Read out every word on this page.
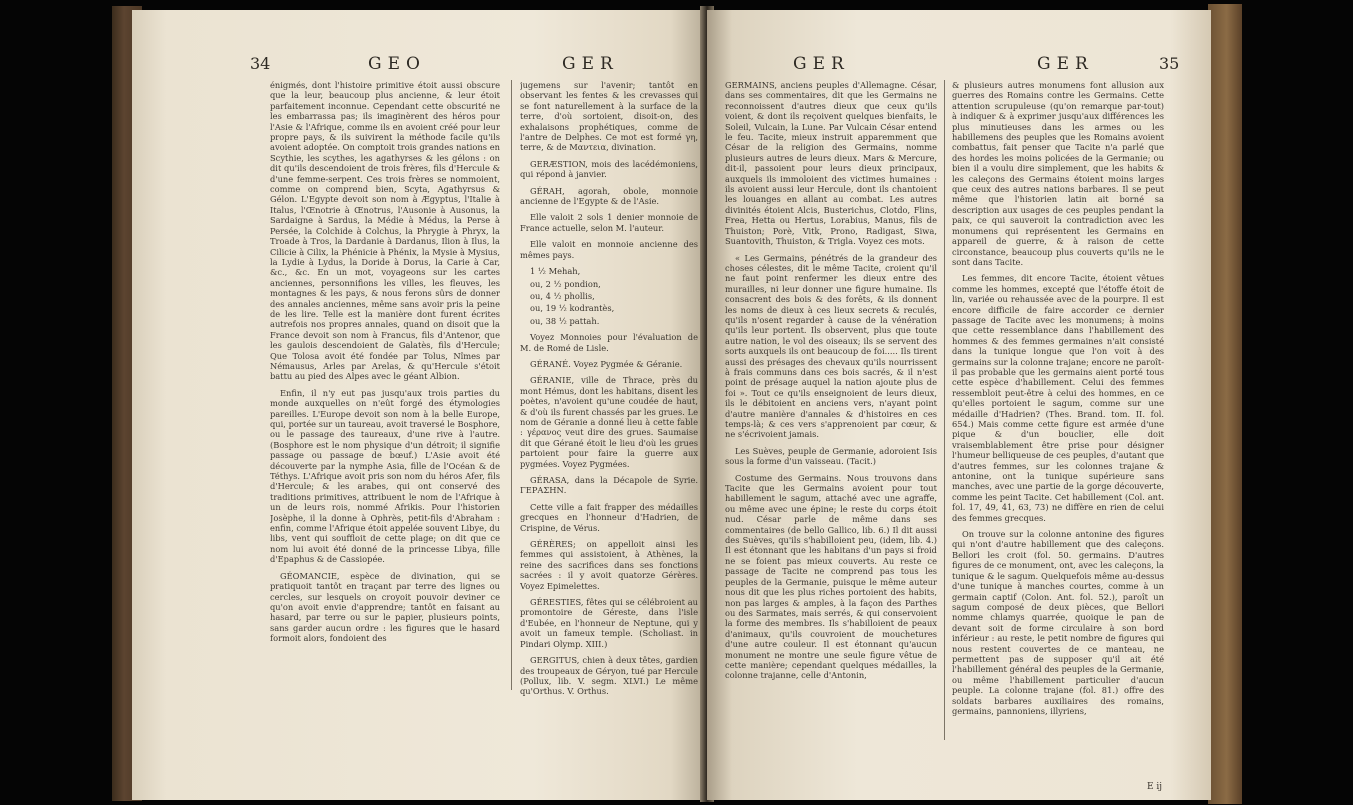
34	GEO	GER

énigmés, dont l'histoire primitive étoit aussi obscure que la leur, beaucoup plus ancienne, & leur étoit parfaitement inconnue. Cependant cette obscurité ne les embarrassa pas; ils imaginèrent des héros pour l'Asie & l'Afrique, comme ils en avoient créé pour leur propre pays, & ils suivirent la méthode facile qu'ils avoient adoptée. On comptoit trois grandes nations en Scythie, les scythes, les agathyrses & les gélons : on dit qu'ils descendoient de trois frères, fils d'Hercule & d'une femme-serpent. Ces trois frères se nommoient, comme on comprend bien, Scyta, Agathyrsus & Gélon. L'Egypte devoit son nom à Ægyptus, l'Italie à Italus, l'Œnotrie à Œnotrus, l'Ausonie à Ausonus, la Sardaigne à Sardus, la Médie à Médus, la Perse à Persée, la Colchide à Colchus, la Phrygie à Phryx, la Troade à Tros, la Dardanie à Dardanus, Ilion à Ilus, la Cilicie à Cilix, la Phénicie à Phénix, la Mysie à Mysius, la Lydie à Lydus, la Doride à Dorus, la Carie à Car, &c., &c. En un mot, voyageons sur les cartes anciennes, personnifions les villes, les fleuves, les montagnes & les pays, & nous ferons sûrs de donner des annales anciennes, même sans avoir pris la peine de les lire. Telle est la manière dont furent écrites autrefois nos propres annales, quand on disoit que la France devoit son nom à Francus, fils d'Antenor, que les gaulois descendoient de Galatès, fils d'Hercule; Que Tolosa avoit été fondée par Tolus, Nîmes par Némausus, Arles par Arelas, & qu'Hercule s'étoit battu au pied des Alpes avec le géant Albion.

Enfin, il n'y eut pas jusqu'aux trois parties du monde auxquelles on n'eût forgé des étymologies pareilles. L'Europe devoit son nom à la belle Europe, qui, portée sur un taureau, avoit traversé le Bosphore, ou le passage des taureaux, d'une rive à l'autre. (Bosphore est le nom physique d'un détroit; il signifie passage ou passage de bœuf.) L'Asie avoit été découverte par la nymphe Asia, fille de l'Océan & de Téthys. L'Afrique avoit pris son nom du héros Afer, fils d'Hercule; & les arabes, qui ont conservé des traditions primitives, attribuent le nom de l'Afrique à un de leurs rois, nommé Afrikis. Pour l'historien Josèphe, il la donne à Ophrès, petit-fils d'Abraham : enfin, comme l'Afrique étoit appelée souvent Libye, du libs, vent qui souffloit de cette plage; on dit que ce nom lui avoit été donné de la princesse Libya, fille d'Epaphus & de Cassiopée.

GÉOMANCIE, espèce de divination, qui se pratiquoit tantôt en traçant par terre des lignes ou cercles, sur lesquels on croyoit pouvoir deviner ce qu'on avoit envie d'apprendre; tantôt en faisant au hasard, par terre ou sur le papier, plusieurs points, sans garder aucun ordre : les figures que le hasard formoit alors, fondoient des

jugemens sur l'avenir; tantôt en observant les fentes & les crevasses qui se font naturellement à la surface de la terre, d'où sortoient, disoit-on, des exhalaisons prophétiques, comme de l'antre de Delphes. Ce mot est formé γη, terre, & de Μαντεια, divination.

GERÆSTION, mois des lacédémoniens, qui répond à janvier.

GÉRAH, agorah, obole, monnoie ancienne de l'Egypte & de l'Asie.

Elle valoit 2 sols 1 denier monnoie de France actuelle, selon M. l'auteur.

Elle valoit en monnoie ancienne des mêmes pays.

1 ½ Mehah,

ou, 2 ½ pondion,

ou, 4 ½ phollis,

ou, 19 ½ kodrantès,

ou, 38 ½ pattah.

Voyez Monnoies pour l'évaluation de M. de Romé de Lisle.

GÉRANÉ. Voyez Pygmée & Géranie.

GÉRANIE, ville de Thrace, près du mont Hémus, dont les habitans, disent les poètes, n'avoient qu'une coudée de haut, & d'où ils furent chassés par les grues. Le nom de Géranie a donné lieu à cette fable : γέρανος veut dire des grues. Saumaise dit que Gérané étoit le lieu d'où les grues partoient pour faire la guerre aux pygmées. Voyez Pygmées.

GÉRASA, dans la Décapole de Syrie. ΓΕΡΑΣΗΝ.

Cette ville a fait frapper des médailles grecques en l'honneur d'Hadrien, de Crispine, de Vérus.

GÉRÈRES; on appelloit ainsi les femmes qui assistoient, à Athènes, la reine des sacrifices dans ses fonctions sacrées : il y avoit quatorze Gérères. Voyez Epimelettes.

GÉRESTIES, fêtes qui se célébroient au promontoire de Géreste, dans l'isle d'Eubée, en l'honneur de Neptune, qui y avoit un fameux temple. (Scholiast. in Pindari Olymp. XIII.)

GERGITUS, chien à deux têtes, gardien des troupeaux de Géryon, tué par Hercule (Pollux, lib. V. segm. XLVI.) Le même qu'Orthus. V. Orthus.

GER	GER	35

GERMAINS, anciens peuples d'Allemagne. César, dans ses commentaires, dit que les Germains ne reconnoissent d'autres dieux que ceux qu'ils voient, & dont ils reçoivent quelques bienfaits, le Soleil, Vulcain, la Lune. Par Vulcain César entend le feu. Tacite, mieux instruit apparemment que César de la religion des Germains, nomme plusieurs autres de leurs dieux. Mars & Mercure, dit-il, passoient pour leurs dieux principaux, auxquels ils immoloient des victimes humaines : ils avoient aussi leur Hercule, dont ils chantoient les louanges en allant au combat. Les autres divinités étoient Alcis, Busterichus, Clotdo, Flins, Frea, Hetta ou Hertus, Lorabius, Manus, fils de Thuiston; Porè, Vitk, Prono, Radigast, Siwa, Suantovith, Thuiston, & Trigla. Voyez ces mots.

« Les Germains, pénétrés de la grandeur des choses célestes, dit le même Tacite, croient qu'il ne faut point renfermer les dieux entre des murailles, ni leur donner une figure humaine. Ils consacrent des bois & des forêts, & ils donnent les noms de dieux à ces lieux secrets & reculés, qu'ils n'osent regarder à cause de la vénération qu'ils leur portent. Ils observent, plus que toute autre nation, le vol des oiseaux; ils se servent des sorts auxquels ils ont beaucoup de foi..... Ils tirent aussi des présages des chevaux qu'ils nourrissent à frais communs dans ces bois sacrés, & il n'est point de présage auquel la nation ajoute plus de foi ». Tout ce qu'ils enseignoient de leurs dieux, ils le débitoient en anciens vers, n'ayant point d'autre manière d'annales & d'histoires en ces temps-là; & ces vers s'apprenoient par cœur, & ne s'écrivoient jamais.

Les Suèves, peuple de Germanie, adoroient Isis sous la forme d'un vaisseau. (Tacit.)

Costume des Germains. Nous trouvons dans Tacite que les Germains avoient pour tout habillement le sagum, attaché avec une agraffe, ou même avec une épine; le reste du corps étoit nud. César parle de même dans ses commentaires (de bello Gallico, lib. 6.) Il dit aussi des Suèves, qu'ils s'habilloient peu, (idem, lib. 4.) Il est étonnant que les habitans d'un pays si froid ne se foient pas mieux couverts. Au reste ce passage de Tacite ne comprend pas tous les peuples de la Germanie, puisque le même auteur nous dit que les plus riches portoient des habits, non pas larges & amples, à la façon des Parthes ou des Sarmates, mais serrés, & qui conservoient la forme des membres. Ils s'habilloient de peaux d'animaux, qu'ils couvroient de mouchetures d'une autre couleur. Il est étonnant qu'aucun monument ne montre une seule figure vêtue de cette manière; cependant quelques médailles, la colonne trajanne, celle d'Antonin,

& plusieurs autres monumens font allusion aux guerres des Romains contre les Germains. Cette attention scrupuleuse (qu'on remarque par-tout) à indiquer & à exprimer jusqu'aux différences les plus minutieuses dans les armes ou les habillemens des peuples que les Romains avoient combattus, fait penser que Tacite n'a parlé que des hordes les moins policées de la Germanie; ou bien il a voulu dire simplement, que les habits & les caleçons des Germains étoient moins larges que ceux des autres nations barbares. Il se peut même que l'historien latin ait borné sa description aux usages de ces peuples pendant la paix, ce qui sauveroit la contradiction avec les monumens qui représentent les Germains en appareil de guerre, & à raison de cette circonstance, beaucoup plus couverts qu'ils ne le sont dans Tacite.

Les femmes, dit encore Tacite, étoient vêtues comme les hommes, excepté que l'étoffe étoit de lin, variée ou rehaussée avec de la pourpre. Il est encore difficile de faire accorder ce dernier passage de Tacite avec les monumens; à moins que cette ressemblance dans l'habillement des hommes & des femmes germaines n'ait consisté dans la tunique longue que l'on voit à des germains sur la colonne trajane; encore ne paroît-il pas probable que les germains aient porté tous cette espèce d'habillement. Celui des femmes ressembloit peut-être à celui des hommes, en ce qu'elles portoient le sagum, comme sur une médaille d'Hadrien? (Thes. Brand. tom. II. fol. 654.) Mais comme cette figure est armée d'une pique & d'un bouclier, elle doit vraisemblablement être prise pour désigner l'humeur belliqueuse de ces peuples, d'autant que d'autres femmes, sur les colonnes trajane & antonine, ont la tunique supérieure sans manches, avec une partie de la gorge découverte, comme les peint Tacite. Cet habillement (Col. ant. fol. 17, 49, 41, 63, 73) ne diffère en rien de celui des femmes grecques.

On trouve sur la colonne antonine des figures qui n'ont d'autre habillement que des caleçons. Bellori les croit (fol. 50. germains. D'autres figures de ce monument, ont, avec les caleçons, la tunique & le sagum. Quelquefois même au-dessus d'une tunique à manches courtes, comme à un germain captif (Colon. Ant. fol. 52.), paroît un sagum composé de deux pièces, que Bellori nomme chlamys quarrée, quoique le pan de devant soit de forme circulaire à son bord inférieur : au reste, le petit nombre de figures qui nous restent couvertes de ce manteau, ne permettent pas de supposer qu'il ait été l'habillement général des peuples de la Germanie, ou même l'habillement particulier d'aucun peuple. La colonne trajane (fol. 81.) offre des soldats barbares auxiliaires des romains, germains, pannoniens, illyriens,

E ij
